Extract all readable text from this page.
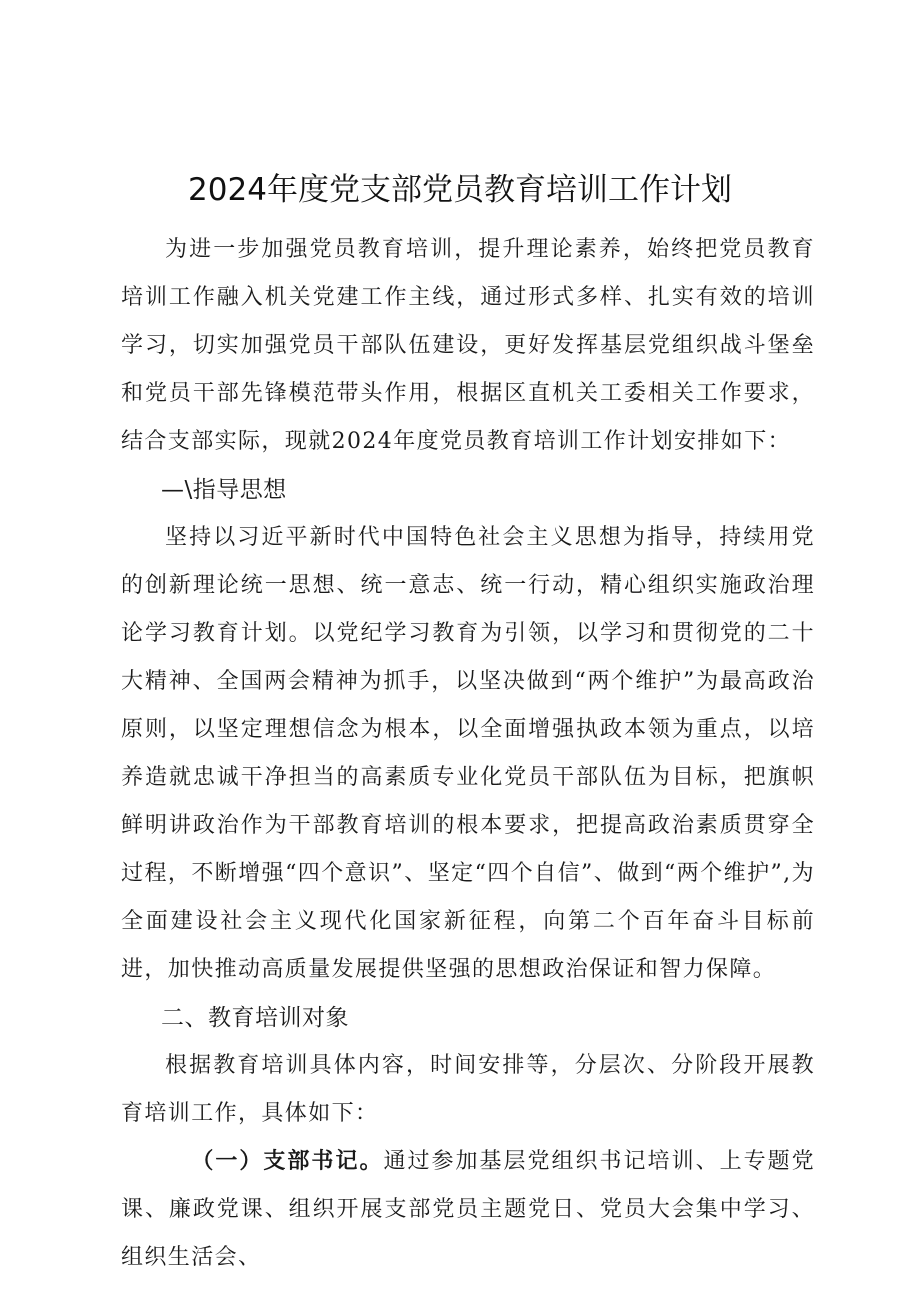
2024年度党支部党员教育培训工作计划

为进一步加强党员教育培训，提升理论素养，始终把党员教育培训工作融入机关党建工作主线，通过形式多样、扎实有效的培训学习，切实加强党员干部队伍建设，更好发挥基层党组织战斗堡垒和党员干部先锋模范带头作用，根据区直机关工委相关工作要求，结合支部实际，现就2024年度党员教育培训工作计划安排如下：

—\指导思想

坚持以习近平新时代中国特色社会主义思想为指导，持续用党的创新理论统一思想、统一意志、统一行动，精心组织实施政治理论学习教育计划。以党纪学习教育为引领，以学习和贯彻党的二十大精神、全国两会精神为抓手，以坚决做到“两个维护”为最高政治原则，以坚定理想信念为根本，以全面增强执政本领为重点，以培养造就忠诚干净担当的高素质专业化党员干部队伍为目标，把旗帜鲜明讲政治作为干部教育培训的根本要求，把提高政治素质贯穿全过程，不断增强“四个意识”、坚定“四个自信”、做到“两个维护”,为全面建设社会主义现代化国家新征程，向第二个百年奋斗目标前进，加快推动高质量发展提供坚强的思想政治保证和智力保障。

二、教育培训对象

根据教育培训具体内容，时间安排等，分层次、分阶段开展教育培训工作，具体如下：

（一）支部书记。通过参加基层党组织书记培训、上专题党课、廉政党课、组织开展支部党员主题党日、党员大会集中学习、组织生活会、
